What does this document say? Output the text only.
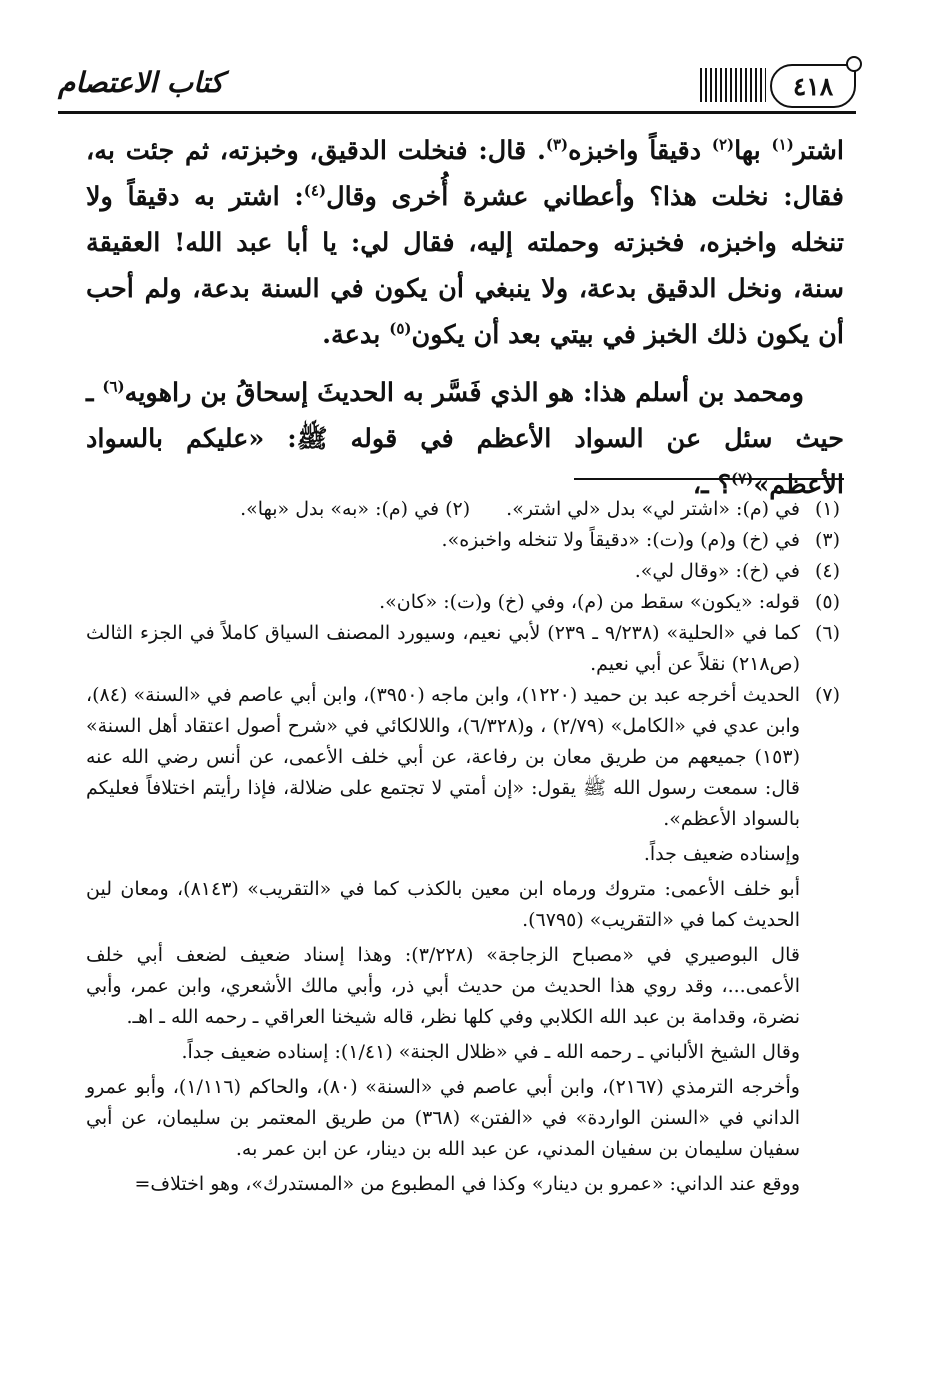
٤١٨
كتاب الاعتصام

اشتر$^{(١)}$ بها$^{(٢)}$ دقيقاً واخبزه$^{(٣)}$. قال: فنخلت الدقيق، وخبزته، ثم جئت به، فقال: نخلت هذا؟ وأعطاني عشرة أُخرى وقال$^{(٤)}$: اشتر به دقيقاً ولا تنخله واخبزه، فخبزته وحملته إليه، فقال لي: يا أبا عبد الله! العقيقة سنة، ونخل الدقيق بدعة، ولا ينبغي أن يكون في السنة بدعة، ولم أحب أن يكون ذلك الخبز في بيتي بعد أن يكون$^{(٥)}$ بدعة.

ومحمد بن أسلم هذا: هو الذي فَسَّر به الحديثَ إسحاقُ بن راهويه$^{(٦)}$ ـ حيث سئل عن السواد الأعظم في قوله ﷺ: «عليكم بالسواد الأعظم»$^{(٧)}$؟ ـ،

(١)
في (م): «اشتر لي» بدل «لي اشتر».(٢) في (م): «به» بدل «بها».
(٣)
في (خ) و(م) و(ت): «دقيقاً ولا تنخله واخبزه».
(٤)
في (خ): «وقال لي».
(٥)
قوله: «يكون» سقط من (م)، وفي (خ) و(ت): «كان».
(٦)
كما في «الحلية» (٩/٢٣٨ ـ ٢٣٩) لأبي نعيم، وسيورد المصنف السياق كاملاً في الجزء الثالث (ص٢١٨) نقلاً عن أبي نعيم.
(٧)
الحديث أخرجه عبد بن حميد (١٢٢٠)، وابن ماجه (٣٩٥٠)، وابن أبي عاصم في «السنة» (٨٤)، وابن عدي في «الكامل» (٢/٧٩) ، و(٦/٣٢٨)، واللالكائي في «شرح أصول اعتقاد أهل السنة» (١٥٣) جميعهم من طريق معان بن رفاعة، عن أبي خلف الأعمى، عن أنس رضي الله عنه قال: سمعت رسول الله ﷺ يقول: «إن أمتي لا تجتمع على ضلالة، فإذا رأيتم اختلافاً فعليكم بالسواد الأعظم».
وإسناده ضعيف جداً.
أبو خلف الأعمى: متروك ورماه ابن معين بالكذب كما في «التقريب» (٨١٤٣)، ومعان لين الحديث كما في «التقريب» (٦٧٩٥).
قال البوصيري في «مصباح الزجاجة» (٣/٢٢٨): وهذا إسناد ضعيف لضعف أبي خلف الأعمى...، وقد روي هذا الحديث من حديث أبي ذر، وأبي مالك الأشعري، وابن عمر، وأبي نضرة، وقدامة بن عبد الله الكلابي وفي كلها نظر، قاله شيخنا العراقي ـ رحمه الله ـ اهـ.
وقال الشيخ الألباني ـ رحمه الله ـ في «ظلال الجنة» (١/٤١): إسناده ضعيف جداً.
وأخرجه الترمذي (٢١٦٧)، وابن أبي عاصم في «السنة» (٨٠)، والحاكم (١/١١٦)، وأبو عمرو الداني في «السنن الواردة» في «الفتن» (٣٦٨) من طريق المعتمر بن سليمان، عن أبي سفيان سليمان بن سفيان المدني، عن عبد الله بن دينار، عن ابن عمر به.
ووقع عند الداني: «عمرو بن دينار» وكذا في المطبوع من «المستدرك»، وهو اختلاف=
